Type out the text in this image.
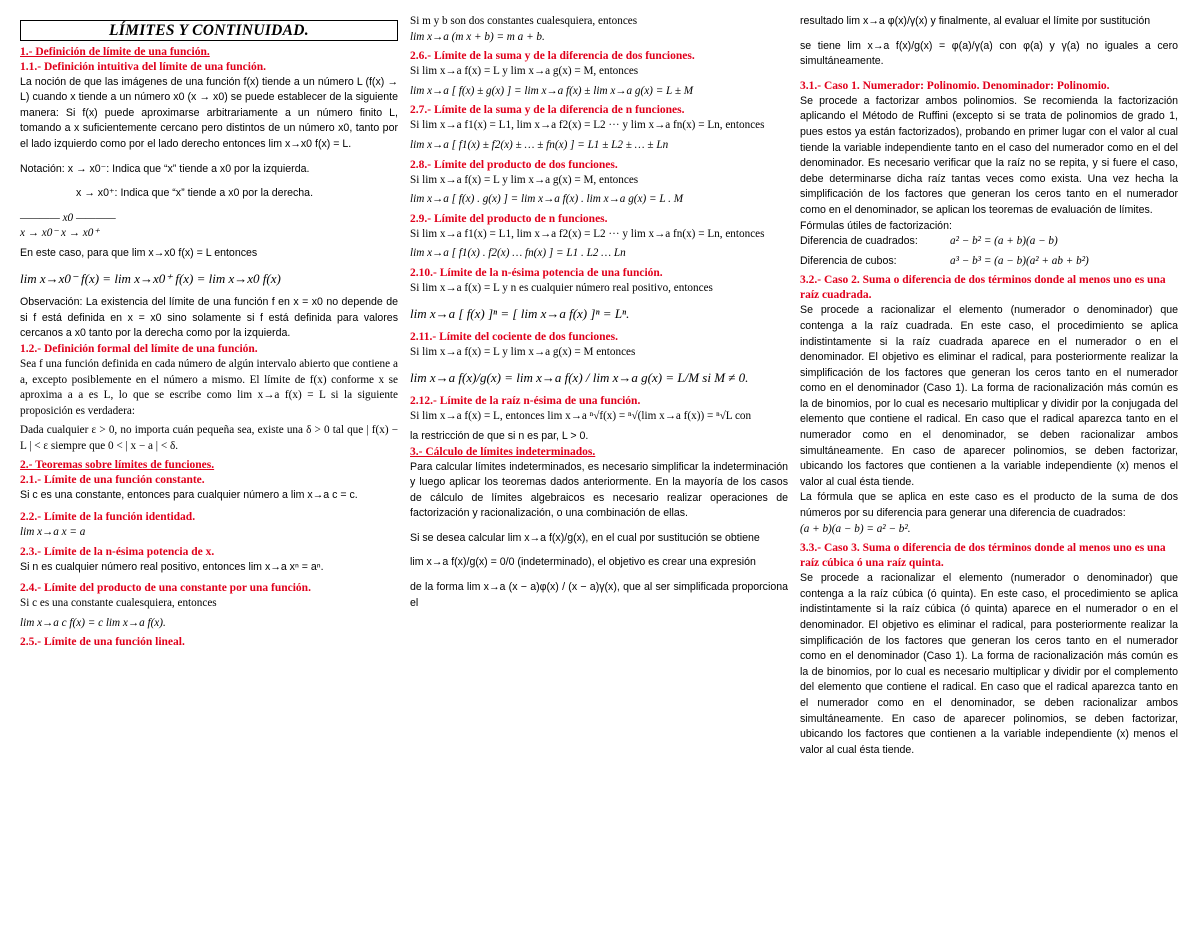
LÍMITES Y CONTINUIDAD.
1.- Definición de límite de una función.
1.1.- Definición intuitiva del límite de una función.
La noción de que las imágenes de una función f(x) tiende a un número L (f(x) → L) cuando x tiende a un número x0 (x → x0) se puede establecer de la siguiente manera: Si f(x) puede aproximarse arbitrariamente a un número finito L, tomando a x suficientemente cercano pero distintos de un número x0, tanto por el lado izquierdo como por el lado derecho entonces lim x→x0 f(x) = L.
Notación: x → x0⁻: Indica que “x” tiende a x0 por la izquierda.
x → x0⁺: Indica que “x” tiende a x0 por la derecha.
———— x0 ————
x → x0⁻ x → x0⁺
En este caso, para que lim x→x0 f(x) = L entonces
lim x→x0⁻ f(x) = lim x→x0⁺ f(x) = lim x→x0 f(x)
Observación: La existencia del límite de una función f en x = x0 no depende de si f está definida en x = x0 sino solamente si f está definida para valores cercanos a x0 tanto por la derecha como por la izquierda.
1.2.- Definición formal del límite de una función.
Sea f una función definida en cada número de algún intervalo abierto que contiene a a, excepto posiblemente en el número a mismo. El límite de f(x) conforme x se aproxima a a es L, lo que se escribe como lim x→a f(x) = L si la siguiente proposición es verdadera:
Dada cualquier ε > 0, no importa cuán pequeña sea, existe una δ > 0 tal que | f(x) − L | < ε siempre que 0 < | x − a | < δ.
2.- Teoremas sobre límites de funciones.
2.1.- Límite de una función constante.
Si c es una constante, entonces para cualquier número a lim x→a c = c.
2.2.- Límite de la función identidad.
lim x→a x = a
2.3.- Límite de la n-ésima potencia de x.
Si n es cualquier número real positivo, entonces lim x→a xⁿ = aⁿ.
2.4.- Límite del producto de una constante por una función.
Si c es una constante cualesquiera, entonces
lim x→a c f(x) = c lim x→a f(x).
2.5.- Límite de una función lineal.
Si m y b son dos constantes cualesquiera, entonces
lim x→a (m x + b) = m a + b.
2.6.- Límite de la suma y de la diferencia de dos funciones.
Si lim x→a f(x) = L y lim x→a g(x) = M, entonces
lim x→a [ f(x) ± g(x) ] = lim x→a f(x) ± lim x→a g(x) = L ± M
2.7.- Límite de la suma y de la diferencia de n funciones.
Si lim x→a f1(x) = L1, lim x→a f2(x) = L2 ··· y lim x→a fn(x) = Ln, entonces
lim x→a [ f1(x) ± f2(x) ± … ± fn(x) ] = L1 ± L2 ± … ± Ln
2.8.- Límite del producto de dos funciones.
Si lim x→a f(x) = L y lim x→a g(x) = M, entonces
lim x→a [ f(x) . g(x) ] = lim x→a f(x) . lim x→a g(x) = L . M
2.9.- Límite del producto de n funciones.
Si lim x→a f1(x) = L1, lim x→a f2(x) = L2 ··· y lim x→a fn(x) = Ln, entonces
lim x→a [ f1(x) . f2(x) … fn(x) ] = L1 . L2 … Ln
2.10.- Límite de la n-ésima potencia de una función.
Si lim x→a f(x) = L y n es cualquier número real positivo, entonces
lim x→a [ f(x) ]ⁿ = [ lim x→a f(x) ]ⁿ = Lⁿ.
2.11.- Límite del cociente de dos funciones.
Si lim x→a f(x) = L y lim x→a g(x) = M entonces
lim x→a f(x)/g(x) = lim x→a f(x) / lim x→a g(x) = L/M si M ≠ 0.
2.12.- Límite de la raíz n-ésima de una función.
Si lim x→a f(x) = L, entonces lim x→a ⁿ√f(x) = ⁿ√(lim x→a f(x)) = ⁿ√L con
la restricción de que si n es par, L > 0.
3.- Cálculo de límites indeterminados.
Para calcular límites indeterminados, es necesario simplificar la indeterminación y luego aplicar los teoremas dados anteriormente. En la mayoría de los casos de cálculo de límites algebraicos es necesario realizar operaciones de factorización y racionalización, o una combinación de ellas.
Si se desea calcular lim x→a f(x)/g(x), en el cual por sustitución se obtiene
lim x→a f(x)/g(x) = 0/0 (indeterminado), el objetivo es crear una expresión
de la forma lim x→a (x − a)φ(x) / (x − a)γ(x), que al ser simplificada proporciona el
resultado lim x→a φ(x)/γ(x) y finalmente, al evaluar el límite por sustitución
se tiene lim x→a f(x)/g(x) = φ(a)/γ(a) con φ(a) y γ(a) no iguales a cero simultáneamente.
3.1.- Caso 1. Numerador: Polinomio. Denominador: Polinomio.
Se procede a factorizar ambos polinomios. Se recomienda la factorización aplicando el Método de Ruffini (excepto si se trata de polinomios de grado 1, pues estos ya están factorizados), probando en primer lugar con el valor al cual tiende la variable independiente tanto en el caso del numerador como en el del denominador. Es necesario verificar que la raíz no se repita, y si fuere el caso, debe determinarse dicha raíz tantas veces como exista. Una vez hecha la simplificación de los factores que generan los ceros tanto en el numerador como en el denominador, se aplican los teoremas de evaluación de límites.
Fórmulas útiles de factorización:
Diferencia de cuadrados:	a² − b² = (a + b)(a − b)
Diferencia de cubos:	a³ − b³ = (a − b)(a² + ab + b²)
3.2.- Caso 2. Suma o diferencia de dos términos donde al menos uno es una raíz cuadrada.
Se procede a racionalizar el elemento (numerador o denominador) que contenga a la raíz cuadrada. En este caso, el procedimiento se aplica indistintamente si la raíz cuadrada aparece en el numerador o en el denominador. El objetivo es eliminar el radical, para posteriormente realizar la simplificación de los factores que generan los ceros tanto en el numerador como en el denominador (Caso 1). La forma de racionalización más común es la de binomios, por lo cual es necesario multiplicar y dividir por la conjugada del elemento que contiene el radical. En caso que el radical aparezca tanto en el numerador como en el denominador, se deben racionalizar ambos simultáneamente. En caso de aparecer polinomios, se deben factorizar, ubicando los factores que contienen a la variable independiente (x) menos el valor al cual ésta tiende.
La fórmula que se aplica en este caso es el producto de la suma de dos números por su diferencia para generar una diferencia de cuadrados:
(a + b)(a − b) = a² − b².
3.3.- Caso 3. Suma o diferencia de dos términos donde al menos uno es una raíz cúbica ó una raíz quinta.
Se procede a racionalizar el elemento (numerador o denominador) que contenga a la raíz cúbica (ó quinta). En este caso, el procedimiento se aplica indistintamente si la raíz cúbica (ó quinta) aparece en el numerador o en el denominador. El objetivo es eliminar el radical, para posteriormente realizar la simplificación de los factores que generan los ceros tanto en el numerador como en el denominador (Caso 1). La forma de racionalización más común es la de binomios, por lo cual es necesario multiplicar y dividir por el complemento del elemento que contiene el radical. En caso que el radical aparezca tanto en el numerador como en el denominador, se deben racionalizar ambos simultáneamente. En caso de aparecer polinomios, se deben factorizar, ubicando los factores que contienen a la variable independiente (x) menos el valor al cual ésta tiende.
